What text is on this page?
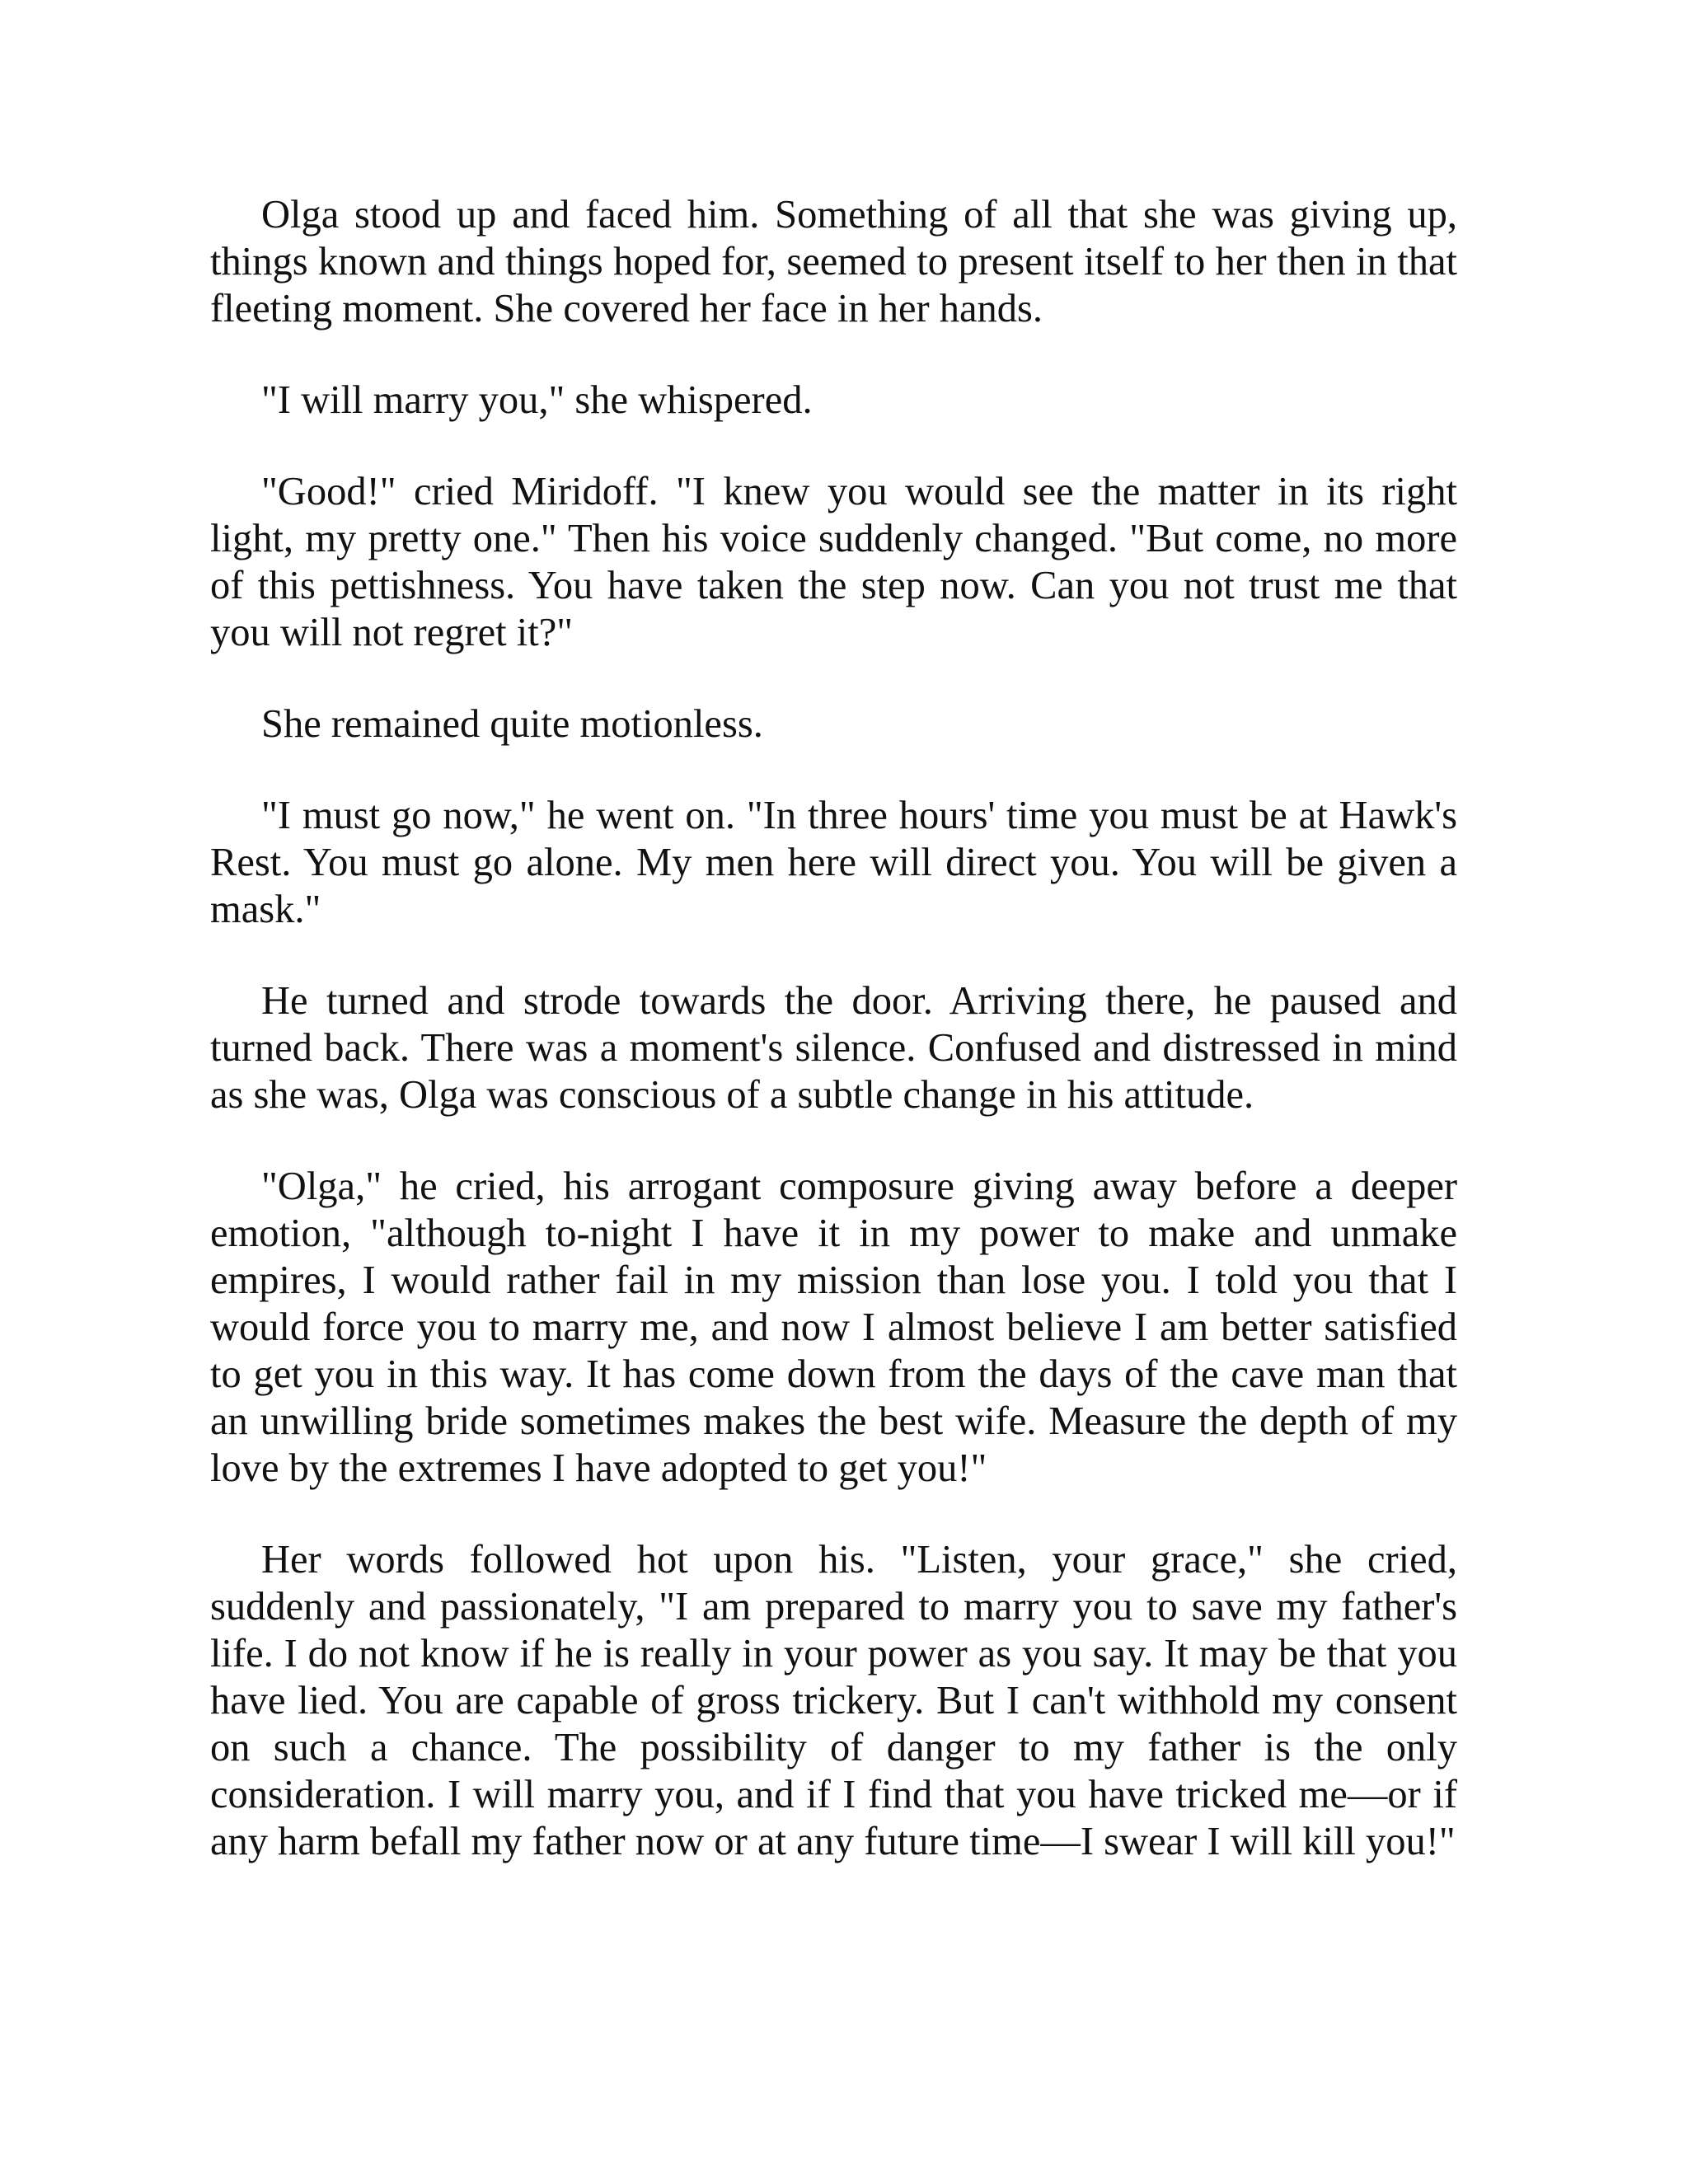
Olga stood up and faced him. Something of all that she was giving up, things known and things hoped for, seemed to present itself to her then in that fleeting moment. She covered her face in her hands.

"I will marry you," she whispered.

"Good!" cried Miridoff. "I knew you would see the matter in its right light, my pretty one." Then his voice suddenly changed. "But come, no more of this pettishness. You have taken the step now. Can you not trust me that you will not regret it?"

She remained quite motionless.

"I must go now," he went on. "In three hours' time you must be at Hawk's Rest. You must go alone. My men here will direct you. You will be given a mask."

He turned and strode towards the door. Arriving there, he paused and turned back. There was a moment's silence. Confused and distressed in mind as she was, Olga was conscious of a subtle change in his attitude.

"Olga," he cried, his arrogant composure giving away before a deeper emotion, "although to-night I have it in my power to make and unmake empires, I would rather fail in my mission than lose you. I told you that I would force you to marry me, and now I almost believe I am better satisfied to get you in this way. It has come down from the days of the cave man that an unwilling bride sometimes makes the best wife. Measure the depth of my love by the extremes I have adopted to get you!"

Her words followed hot upon his. "Listen, your grace," she cried, suddenly and passionately, "I am prepared to marry you to save my father's life. I do not know if he is really in your power as you say. It may be that you have lied. You are capable of gross trickery. But I can't withhold my consent on such a chance. The possibility of danger to my father is the only consideration. I will marry you, and if I find that you have tricked me—or if any harm befall my father now or at any future time—I swear I will kill you!"
